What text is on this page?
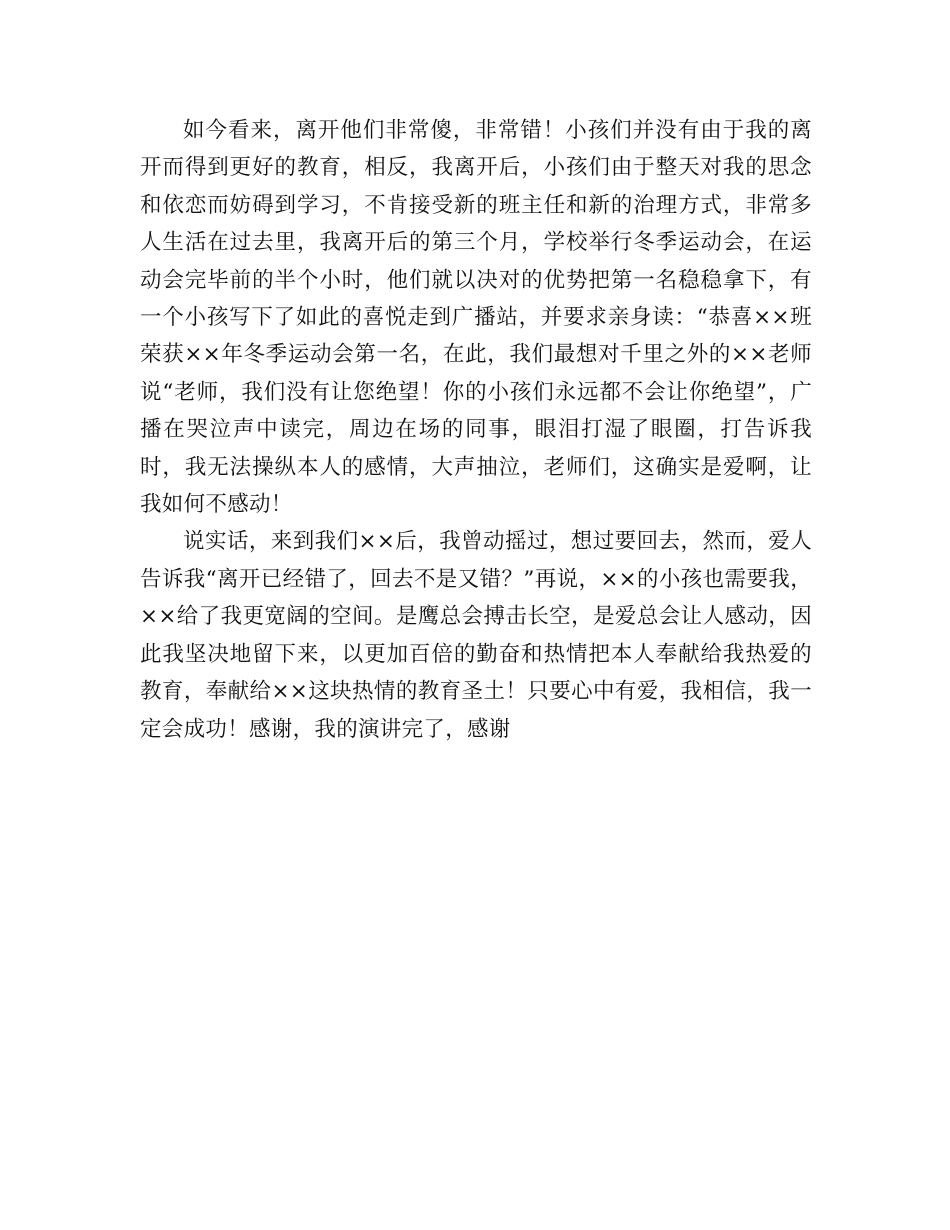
如今看来，离开他们非常傻，非常错！小孩们并没有由于我的离开而得到更好的教育，相反，我离开后，小孩们由于整天对我的思念和依恋而妨碍到学习，不肯接受新的班主任和新的治理方式，非常多人生活在过去里，我离开后的第三个月，学校举行冬季运动会，在运动会完毕前的半个小时，他们就以决对的优势把第一名稳稳拿下，有一个小孩写下了如此的喜悦走到广播站，并要求亲身读：“恭喜××班荣获××年冬季运动会第一名，在此，我们最想对千里之外的××老师说“老师，我们没有让您绝望！你的小孩们永远都不会让你绝望”，广播在哭泣声中读完，周边在场的同事，眼泪打湿了眼圈，打告诉我时，我无法操纵本人的感情，大声抽泣，老师们，这确实是爱啊，让我如何不感动！

说实话，来到我们××后，我曾动摇过，想过要回去，然而，爱人告诉我“离开已经错了，回去不是又错？”再说，××的小孩也需要我，××给了我更宽阔的空间。是鹰总会搏击长空，是爱总会让人感动，因此我坚决地留下来，以更加百倍的勤奋和热情把本人奉献给我热爱的教育，奉献给××这块热情的教育圣土！只要心中有爱，我相信，我一定会成功！感谢，我的演讲完了，感谢
